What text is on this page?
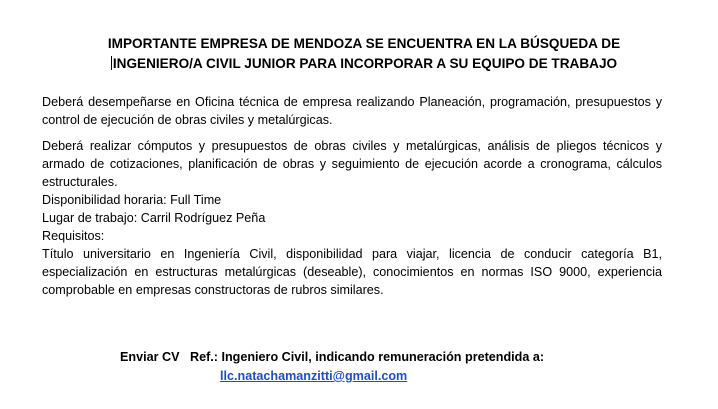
IMPORTANTE EMPRESA DE MENDOZA SE ENCUENTRA EN LA BÚSQUEDA DE
INGENIERO/A CIVIL JUNIOR PARA INCORPORAR A SU EQUIPO DE TRABAJO

Deberá desempeñarse en Oficina técnica de empresa realizando Planeación, programación, presupuestos y control de ejecución de obras civiles y metalúrgicas.

Deberá realizar cómputos y presupuestos de obras civiles y metalúrgicas, análisis de pliegos técnicos y armado de cotizaciones, planificación de obras y seguimiento de ejecución acorde a cronograma, cálculos estructurales.

Disponibilidad horaria: Full Time

Lugar de trabajo: Carril Rodríguez Peña

Requisitos:

Título universitario en Ingeniería Civil, disponibilidad para viajar, licencia de conducir categoría B1, especialización en estructuras metalúrgicas (deseable), conocimientos en normas ISO 9000, experiencia comprobable en empresas constructoras de rubros similares.

Enviar CV   Ref.: Ingeniero Civil, indicando remuneración pretendida a:
llc.natachamanzitti@gmail.com
